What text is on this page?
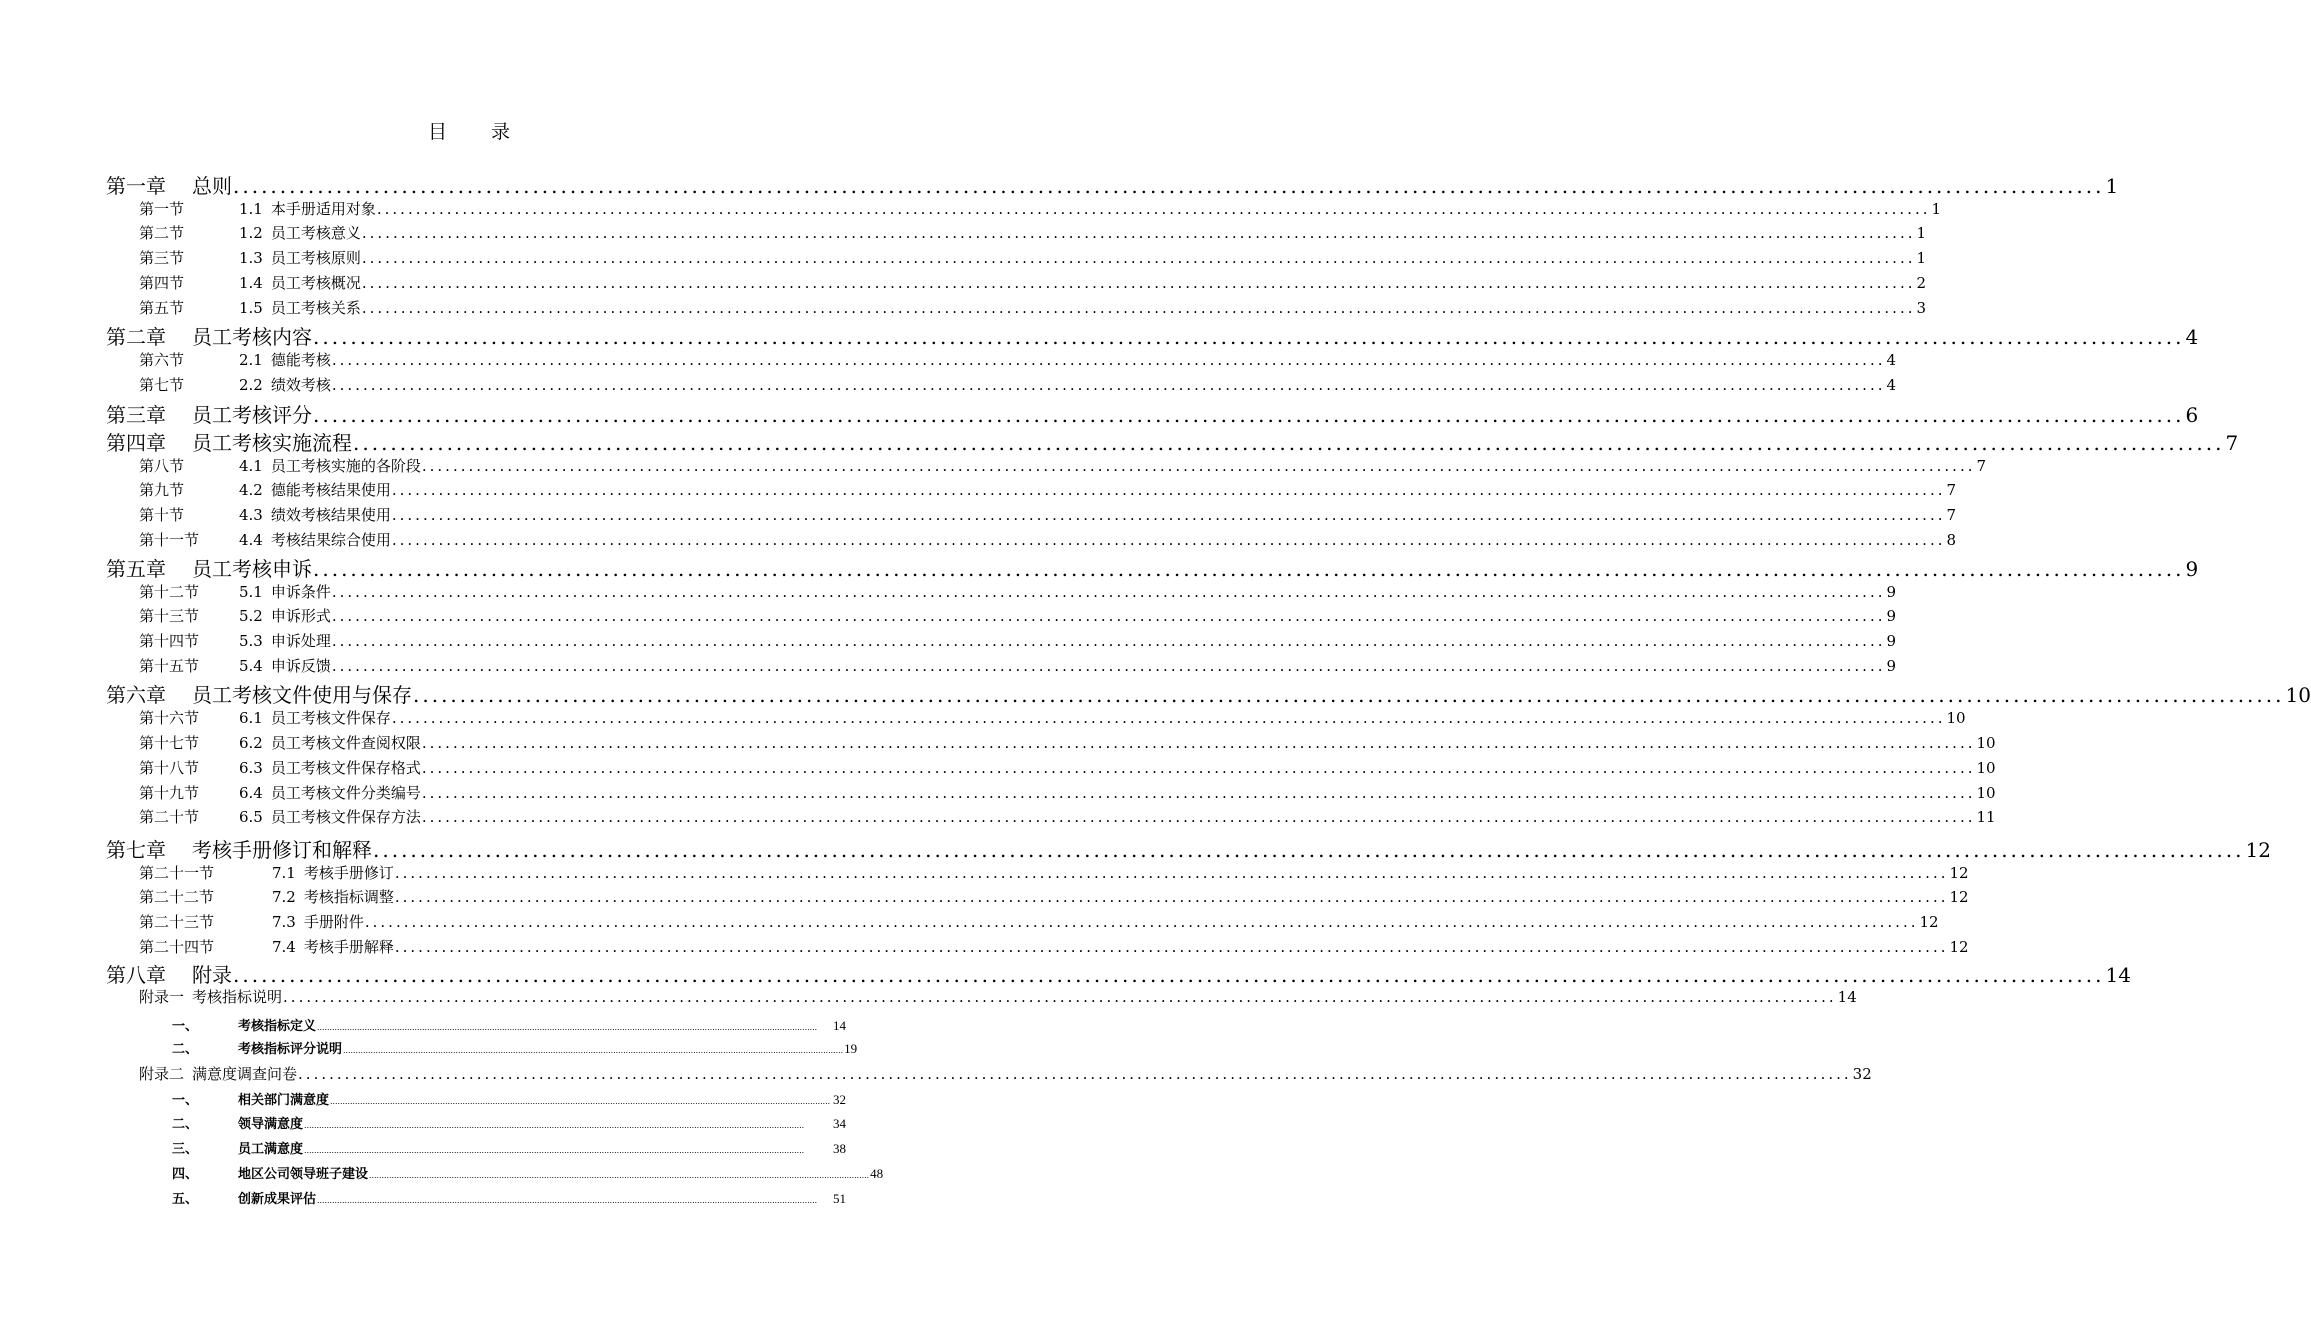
目录
第一章 总则 ........................................................................................................................................................................................................ 1
第一节	1.1 本手册适用对象 ........................................................................................................................................................................................................ 1
第二节	1.2 员工考核意义 ........................................................................................................................................................................................................ 1
第三节	1.3 员工考核原则 ........................................................................................................................................................................................................ 1
第四节	1.4 员工考核概况 ........................................................................................................................................................................................................ 2
第五节	1.5 员工考核关系 ........................................................................................................................................................................................................ 3
第二章 员工考核内容 ........................................................................................................................................................................................................ 4
第六节	2.1 德能考核 ........................................................................................................................................................................................................ 4
第七节	2.2 绩效考核 ........................................................................................................................................................................................................ 4
第三章 员工考核评分 ........................................................................................................................................................................................................ 6
第四章 员工考核实施流程 ........................................................................................................................................................................................................ 7
第八节	4.1 员工考核实施的各阶段 ........................................................................................................................................................................................................ 7
第九节	4.2 德能考核结果使用 ........................................................................................................................................................................................................ 7
第十节	4.3 绩效考核结果使用 ........................................................................................................................................................................................................ 7
第十一节	4.4 考核结果综合使用 ........................................................................................................................................................................................................ 8
第五章 员工考核申诉 ........................................................................................................................................................................................................ 9
第十二节	5.1 申诉条件 ........................................................................................................................................................................................................ 9
第十三节	5.2 申诉形式 ........................................................................................................................................................................................................ 9
第十四节	5.3 申诉处理 ........................................................................................................................................................................................................ 9
第十五节	5.4 申诉反馈 ........................................................................................................................................................................................................ 9
第六章 员工考核文件使用与保存 ........................................................................................................................................................................................................ 10
第十六节	6.1 员工考核文件保存 ........................................................................................................................................................................................................ 10
第十七节	6.2 员工考核文件查阅权限 ........................................................................................................................................................................................................ 10
第十八节	6.3 员工考核文件保存格式 ........................................................................................................................................................................................................ 10
第十九节	6.4 员工考核文件分类编号 ........................................................................................................................................................................................................ 10
第二十节	6.5 员工考核文件保存方法 ........................................................................................................................................................................................................ 11
第七章 考核手册修订和解释 ........................................................................................................................................................................................................ 12
第二十一节	7.1 考核手册修订 ........................................................................................................................................................................................................ 12
第二十二节	7.2 考核指标调整 ........................................................................................................................................................................................................ 12
第二十三节	7.3 手册附件 ........................................................................................................................................................................................................ 12
第二十四节	7.4 考核手册解释 ........................................................................................................................................................................................................ 12
第八章 附录 ........................................................................................................................................................................................................ 14
附录一 考核指标说明 ........................................................................................................................................................................................................ 14
一、	考核指标定义 ........................................................................................................................................................................................................	14
二、	考核指标评分说明 ........................................................................................................................................................................................................ 19
附录二 满意度调查问卷 ........................................................................................................................................................................................................ 32
一、	相关部门满意度 ........................................................................................................................................................................................................ 32
二、	领导满意度 ........................................................................................................................................................................................................	34
三、	员工满意度 ........................................................................................................................................................................................................	38
四、	地区公司领导班子建设 ........................................................................................................................................................................................................ 48
五、	创新成果评估 ........................................................................................................................................................................................................	51
